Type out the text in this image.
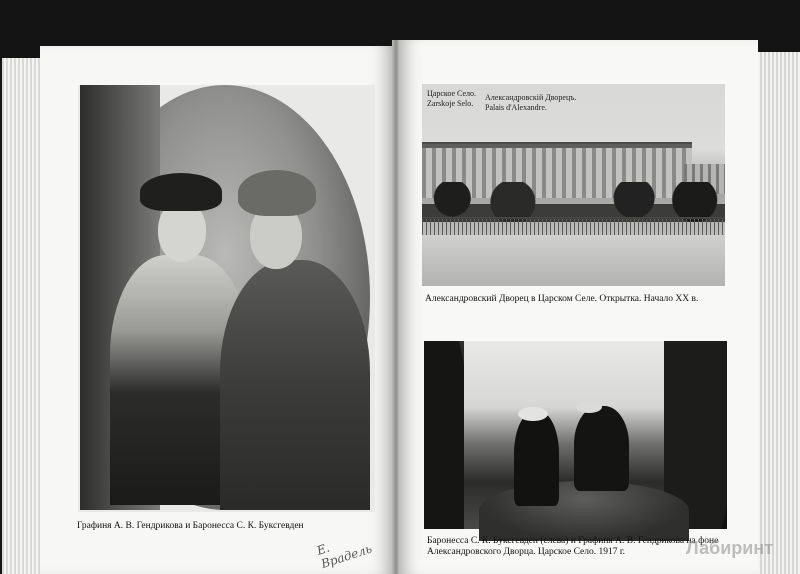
Е. Врадель
Графиня А. В. Гендрикова и Баронесса С. К. Буксгевден
Царское Село.
Zarskoje Selo.
Александровскій Дворецъ.
Palais d'Alexandre.
Александровский Дворец в Царском Селе. Открытка. Начало XX в.
Баронесса С. К. Буксгевден (слева) и Графиня А. В. Гендрикова на фоне Александровского Дворца. Царское Село. 1917 г.	Лабиринт
